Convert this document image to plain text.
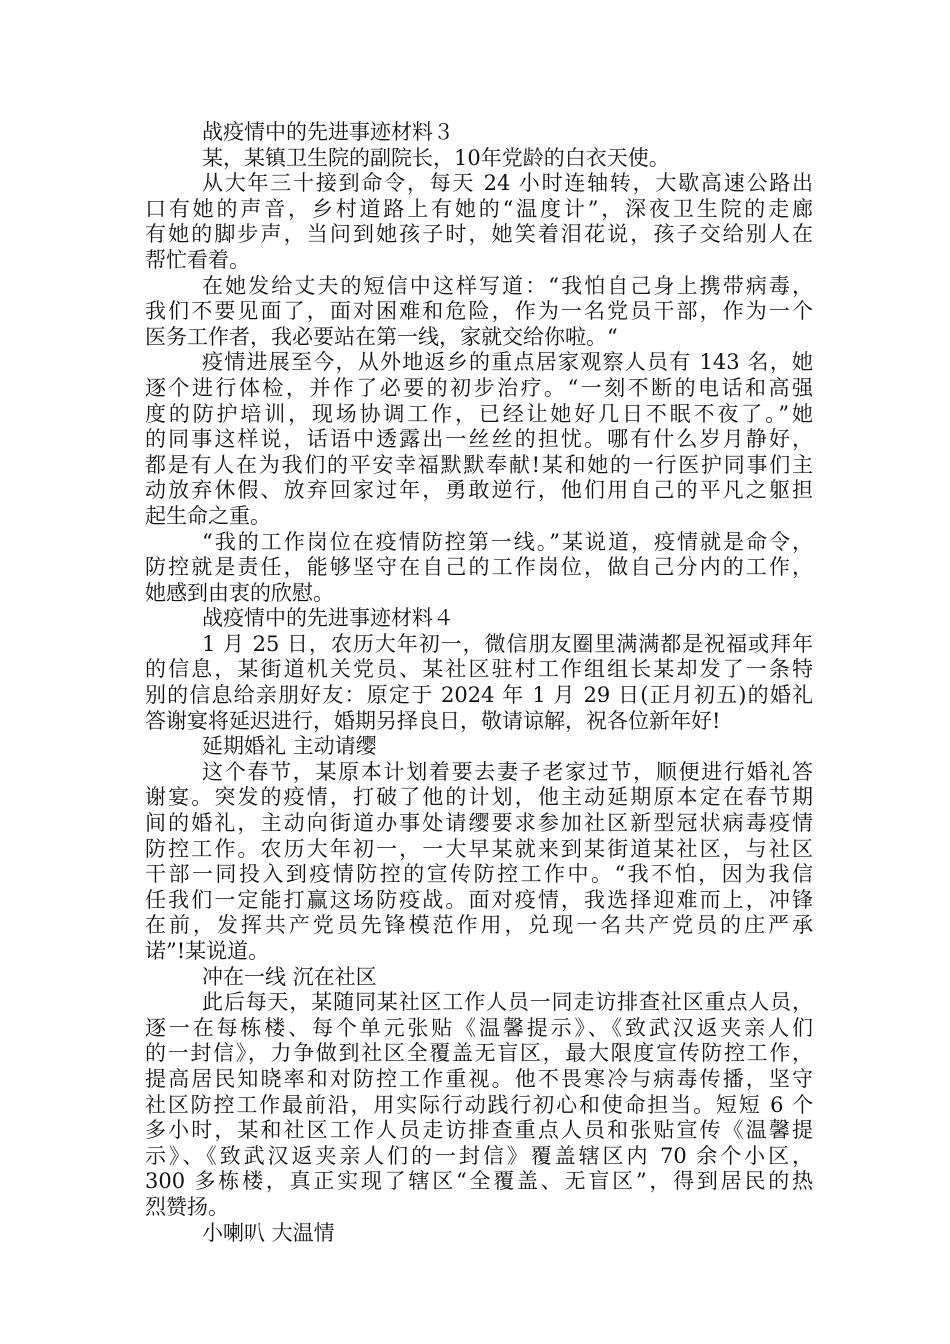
战疫情中的先进事迹材料３
某，某镇卫生院的副院长，10年党龄的白衣天使。
从大年三十接到命令，每天 24 小时连轴转，大歇高速公路出
口有她的声音，乡村道路上有她的“温度计”，深夜卫生院的走廊
有她的脚步声，当问到她孩子时，她笑着泪花说，孩子交给别人在
帮忙看着。
在她发给丈夫的短信中这样写道：“我怕自己身上携带病毒，
我们不要见面了，面对困难和危险，作为一名党员干部，作为一个
医务工作者，我必要站在第一线，家就交给你啦。“
疫情进展至今，从外地返乡的重点居家观察人员有 143 名，她
逐个进行体检，并作了必要的初步治疗。“一刻不断的电话和高强
度的防护培训，现场协调工作，已经让她好几日不眠不夜了。”她
的同事这样说，话语中透露出一丝丝的担忧。哪有什么岁月静好，
都是有人在为我们的平安幸福默默奉献!某和她的一行医护同事们主
动放弃休假、放弃回家过年，勇敢逆行，他们用自己的平凡之躯担
起生命之重。
“我的工作岗位在疫情防控第一线。”某说道，疫情就是命令，
防控就是责任，能够坚守在自己的工作岗位，做自己分内的工作，
她感到由衷的欣慰。
战疫情中的先进事迹材料４
1 月 25 日，农历大年初一，微信朋友圈里满满都是祝福或拜年
的信息，某街道机关党员、某社区驻村工作组组长某却发了一条特
别的信息给亲朋好友：原定于 2024 年 1 月 29 日(正月初五)的婚礼
答谢宴将延迟进行，婚期另择良日，敬请谅解，祝各位新年好!
延期婚礼 主动请缨
这个春节，某原本计划着要去妻子老家过节，顺便进行婚礼答
谢宴。突发的疫情，打破了他的计划，他主动延期原本定在春节期
间的婚礼，主动向街道办事处请缨要求参加社区新型冠状病毒疫情
防控工作。农历大年初一，一大早某就来到某街道某社区，与社区
干部一同投入到疫情防控的宣传防控工作中。“我不怕，因为我信
任我们一定能打赢这场防疫战。面对疫情，我选择迎难而上，冲锋
在前，发挥共产党员先锋模范作用，兑现一名共产党员的庄严承
诺”!某说道。
冲在一线 沉在社区
此后每天，某随同某社区工作人员一同走访排查社区重点人员，
逐一在每栋楼、每个单元张贴《温馨提示》、《致武汉返夹亲人们
的一封信》，力争做到社区全覆盖无盲区，最大限度宣传防控工作，
提高居民知晓率和对防控工作重视。他不畏寒冷与病毒传播，坚守
社区防控工作最前沿，用实际行动践行初心和使命担当。短短 6 个
多小时，某和社区工作人员走访排查重点人员和张贴宣传《温馨提
示》、《致武汉返夹亲人们的一封信》覆盖辖区内 70 余个小区，
300 多栋楼，真正实现了辖区“全覆盖、无盲区”，得到居民的热
烈赞扬。
小喇叭 大温情
